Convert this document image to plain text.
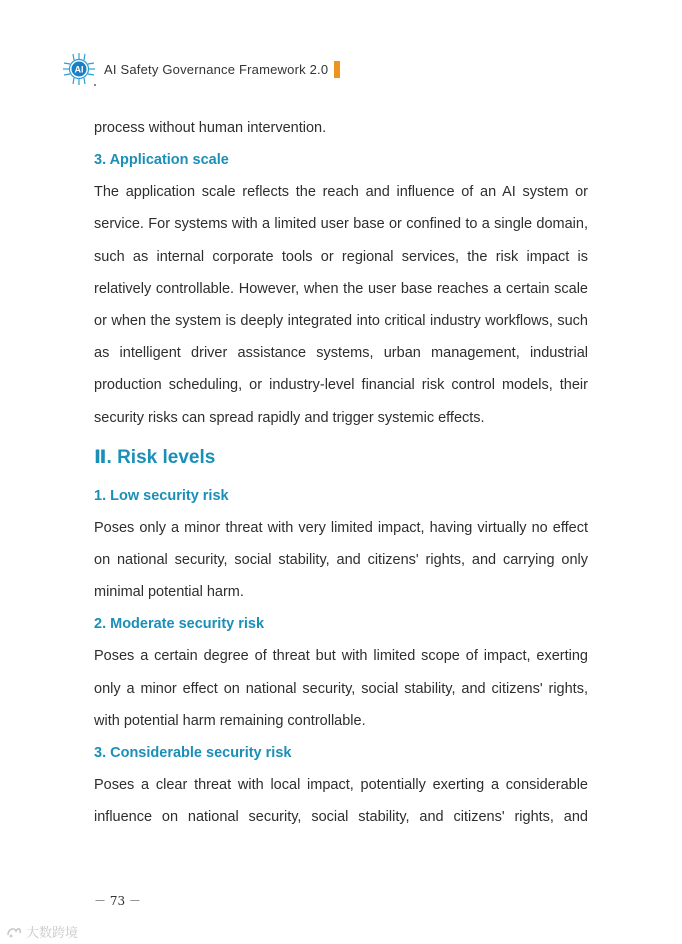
AI AI Safety Governance Framework 2.0

process without human intervention.

3. Application scale

The application scale reflects the reach and influence of an AI system or service. For systems with a limited user base or confined to a single domain, such as internal corporate tools or regional services, the risk impact is relatively controllable. However, when the user base reaches a certain scale or when the system is deeply integrated into critical industry workflows, such as intelligent driver assistance systems, urban management, industrial production scheduling, or industry-level financial risk control models, their security risks can spread rapidly and trigger systemic effects.

Ⅱ. Risk levels

1. Low security risk

Poses only a minor threat with very limited impact, having virtually no effect on national security, social stability, and citizens' rights, and carrying only minimal potential harm.

2. Moderate security risk

Poses a certain degree of threat but with limited scope of impact, exerting only a minor effect on national security, social stability, and citizens' rights, with potential harm remaining controllable.

3. Considerable security risk

Poses a clear threat with local impact, potentially exerting a considerable influence on national security, social stability, and citizens' rights, and

－ 73 －
大数跨境
